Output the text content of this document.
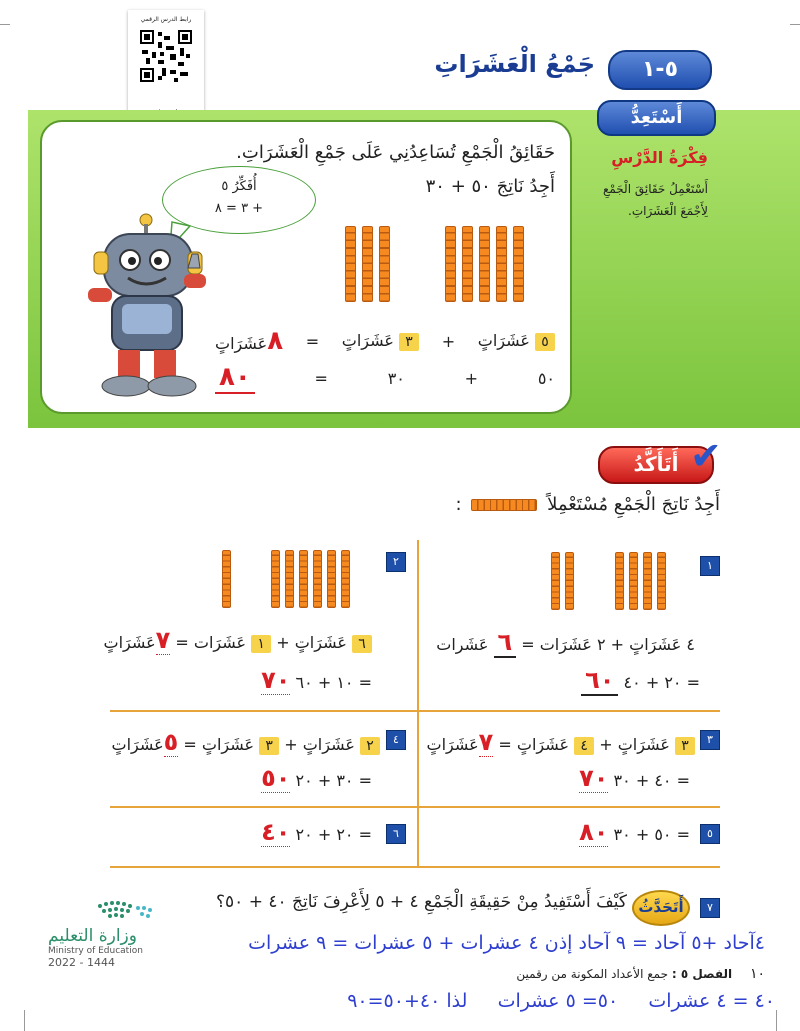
رابط الدرس الرقمي
جَمْعُ الْعَشَرَاتِ	٥-١
أَسْتَعِدُّ
فِكْرَةُ الدَّرْسِ
أَسْتَعْمِلُ حَقَائِقَ الْجَمْعِ
لِأَجْمَعَ الْعَشَرَاتِ.
حَقَائِقُ الْجَمْعِ تُسَاعِدُنِي عَلَى جَمْعِ الْعَشَرَاتِ.
أَجِدُ نَاتِجَ ٥٠ + ٣٠
أُفَكِّرُ ٥
+ ٣ = ٨
٥ عَشَرَاتٍ
+
٣ عَشَرَاتٍ
=
٨عَشَرَاتٍ
٥٠
+
٣٠
=
٨٠
أَتَأَكَّدُ ✔
أَجِدُ نَاتِجَ الْجَمْعِ مُسْتَعْمِلاً  :
١
٤ عَشَرَاتٍ + ٢ عَشَرَات = ٦ عَشَرات
= ٢٠ + ٤٠ ٦٠
٢
٦ عَشَرَاتٍ + ١ عَشَرَات = ٧عَشَرَاتٍ
= ١٠ + ٦٠ ٧٠
٣
٣ عَشَرَاتٍ + ٤ عَشَرَاتٍ = ٧عَشَرَاتٍ
= ٤٠ + ٣٠ ٧٠
٤
٢ عَشَرَاتٍ + ٣ عَشَرَاتٍ = ٥عَشَرَاتٍ
= ٣٠ + ٢٠ ٥٠
٥
= ٥٠ + ٣٠ ٨٠
٦
= ٢٠ + ٢٠ ٤٠
٧
أَتَحَدَّثُ
كَيْفَ أَسْتَفِيدُ مِنْ حَقِيقَةِ الْجَمْعِ ٤ + ٥ لِأَعْرِفَ نَاتِجَ ٤٠ + ٥٠؟
وزارة التعليم
Ministry of Education
2022 - 1444
٤آحاد +٥ آحاد = ٩ آحاد إذن ٤ عشرات + ٥ عشرات = ٩ عشرات
١٠ الفصل ٥ : جمع الأعداد المكونة من رقمين
٤٠ = ٤ عشرات     ٥٠= ٥ عشرات     لذا ٤٠+٥٠=٩٠
